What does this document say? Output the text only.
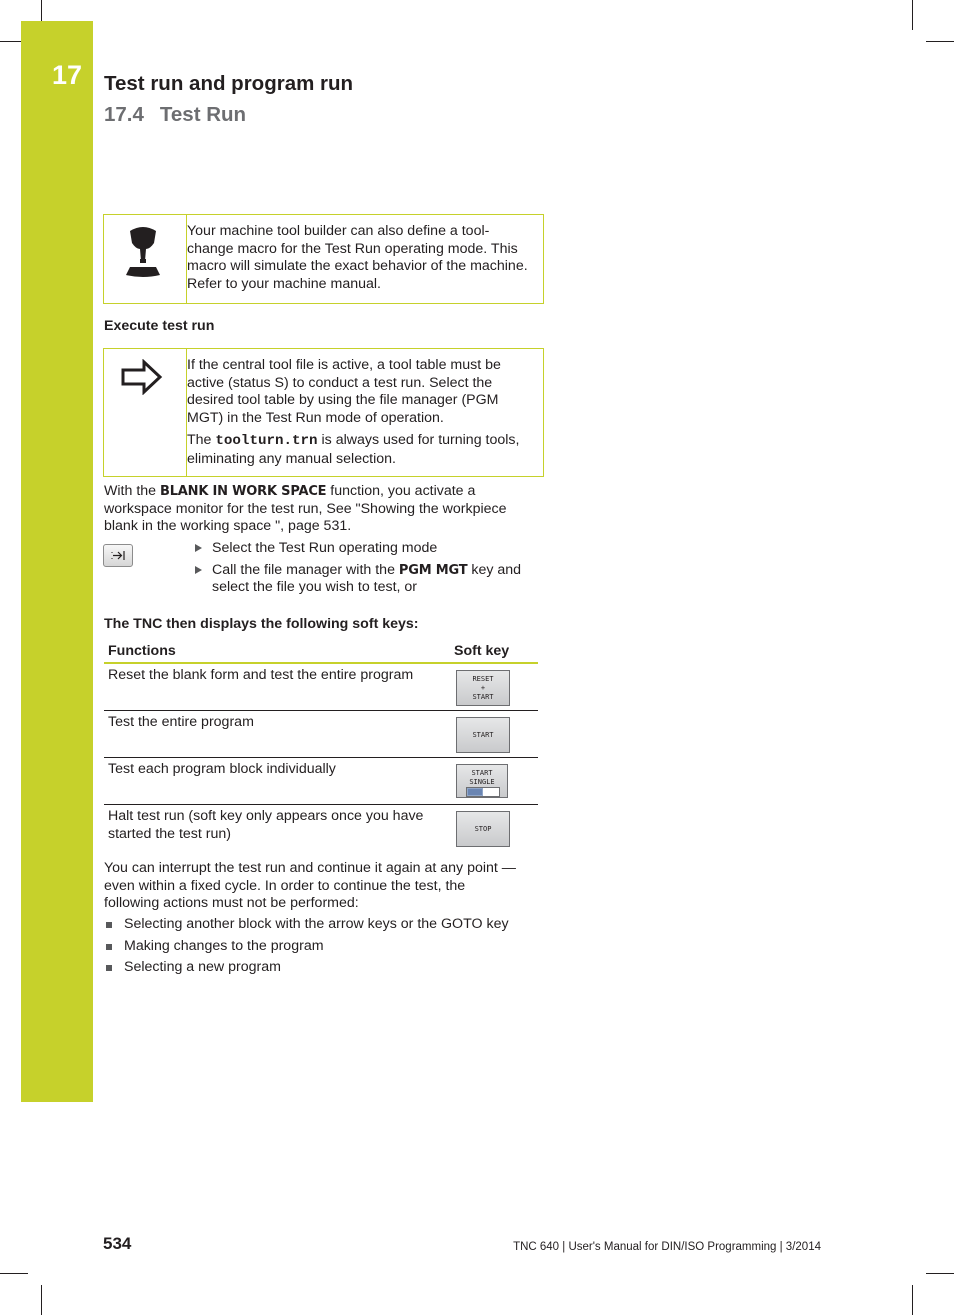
17 Test run and program run
17.4 Test Run

Your machine tool builder can also define a tool-change macro for the Test Run operating mode. This macro will simulate the exact behavior of the machine. Refer to your machine manual.

Execute test run

If the central tool file is active, a tool table must be active (status S) to conduct a test run. Select the desired tool table by using the file manager (PGM MGT) in the Test Run mode of operation.

The toolturn.trn is always used for turning tools, eliminating any manual selection.

With the BLANK IN WORK SPACE function, you activate a workspace monitor for the test run, See "Showing the workpiece blank in the working space ", page 531.

Select the Test Run operating mode
Call the file manager with the PGM MGT key and select the file you wish to test, or
The TNC then displays the following soft keys:
Functions	Soft key
Reset the blank form and test the entire program	RESET
+
START

Test the entire program	START

Test each program block individually	START
SINGLE

Halt test run (soft key only appears once you have started the test run)	STOP

You can interrupt the test run and continue it again at any point —even within a fixed cycle. In order to continue the test, the following actions must not be performed:

Selecting another block with the arrow keys or the GOTO key
Making changes to the program
Selecting a new program
534	TNC 640 | User's Manual for DIN/ISO Programming | 3/2014
